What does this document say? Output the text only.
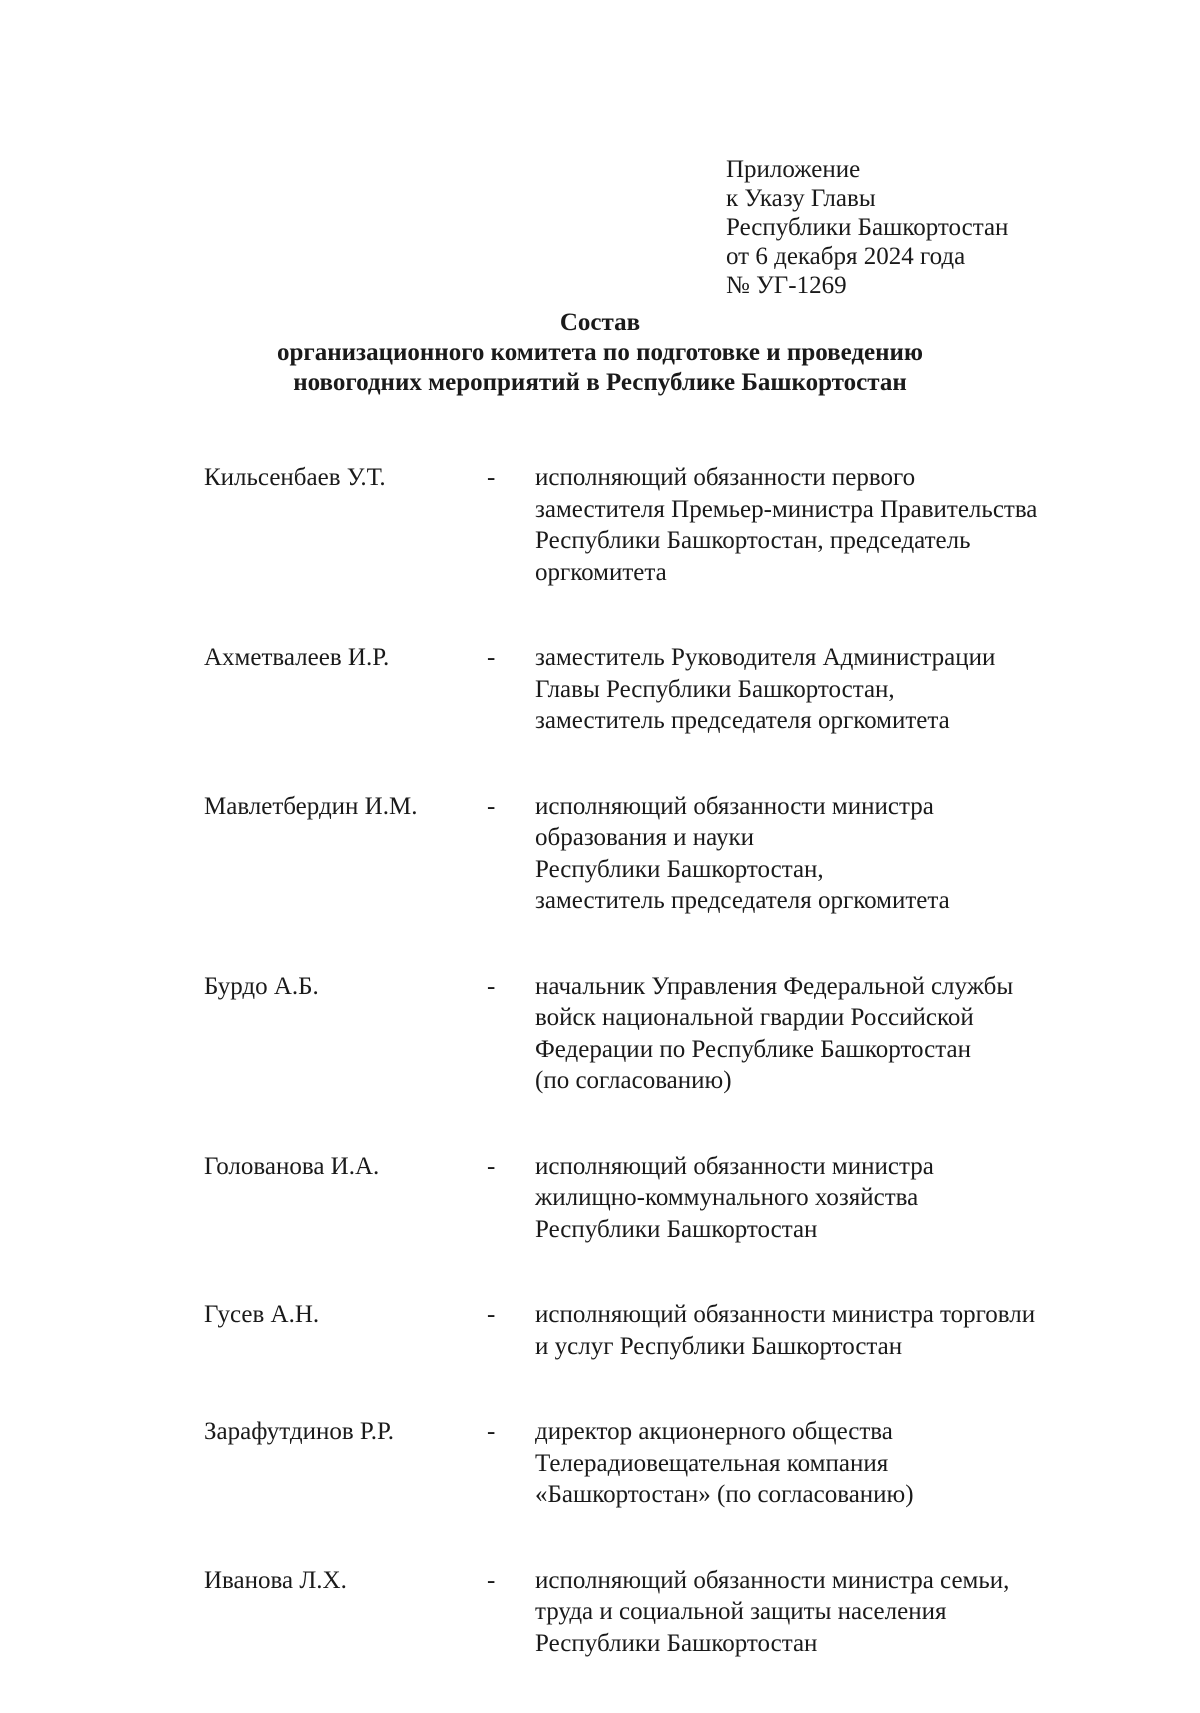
Приложение
к Указу Главы
Республики Башкортостан
от 6 декабря 2024 года
№ УГ-1269
Состав
организационного комитета по подготовке и проведению
новогодних мероприятий в Республике Башкортостан
Кильсенбаев У.Т.	-	исполняющий обязанности первого
заместителя Премьер-министра Правительства
Республики Башкортостан, председатель
оргкомитета
Ахметвалеев И.Р.	-	заместитель Руководителя Администрации
Главы Республики Башкортостан,
заместитель председателя оргкомитета
Мавлетбердин И.М.	-	исполняющий обязанности министра
образования и науки
Республики Башкортостан,
заместитель председателя оргкомитета
Бурдо А.Б.	-	начальник Управления Федеральной службы
войск национальной гвардии Российской
Федерации по Республике Башкортостан
(по согласованию)
Голованова И.А.	-	исполняющий обязанности министра
жилищно-коммунального хозяйства
Республики Башкортостан
Гусев А.Н.	-	исполняющий обязанности министра торговли
и услуг Республики Башкортостан
Зарафутдинов Р.Р.	-	директор акционерного общества
Телерадиовещательная компания
«Башкортостан» (по согласованию)
Иванова Л.Х.	-	исполняющий обязанности министра семьи,
труда и социальной защиты населения
Республики Башкортостан
